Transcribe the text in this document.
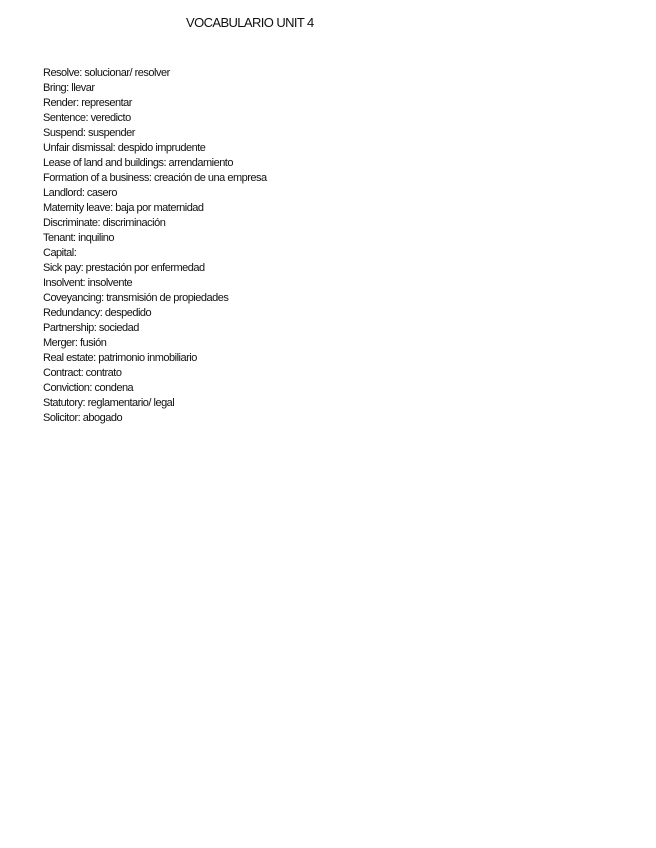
VOCABULARIO UNIT 4
Resolve: solucionar/ resolver
Bring: llevar
Render: representar
Sentence: veredicto
Suspend: suspender
Unfair dismissal: despido imprudente
Lease of land and buildings: arrendamiento
Formation of a business: creación de una empresa
Landlord: casero
Maternity leave: baja por maternidad
Discriminate: discriminación
Tenant: inquilino
Capital:
Sick pay: prestación por enfermedad
Insolvent: insolvente
Coveyancing: transmisión de propiedades
Redundancy: despedido
Partnership: sociedad
Merger: fusión
Real estate: patrimonio inmobiliario
Contract: contrato
Conviction: condena
Statutory: reglamentario/ legal
Solicitor: abogado
